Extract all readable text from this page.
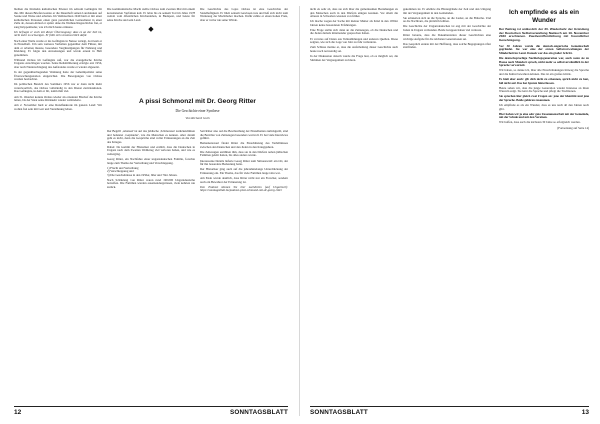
bleiben die fünfzehn katholischen Priester im seltsam Gefängnis für ihn. Mit diesen Briefen konnte er die Dauerhaft seinen Landsleuten auf Sonne und Weise und erhalten. Im Weihnachten 1949 hielt er mit einer katholischen Personen einen ganz persönlichen Gottesdienst in einer Zelle ab, dessen Ablauf er später ohne die Weihnachtsgeschichte frei, er sang Krippenlieder, wie ich mich heute erinnere.

Ich befragte er euch mit dieser Überzeugung: dass es an der Zeit ist, nicht mehr zu schweigen. Er fühlt sich verantwortlich dafür.

Nach einer Weile wurde er ins Gefängnis in Neisse verlegt, dort kam er in Einzelhaft. Um sein weiteres Verhalten gegenüber dem Führer, mit dem er arbeiten musste, besondere Vergünstigungen für Nahrung und Kleidung. Er folgte den Anweisungen und wurde erneut in Haft genommen.

Während Ordass im Gefängnis saß, war die evangelische Kirche Ungarns zerschlagen worden. Seine Rehabilitierung erfolgte erst 1956, aber nach Niederschlagung des Aufstandes wurde er wieder abgesetzt.

In der gegenüberliegenden Wohnung hatte der Geheimpolizist seine Überwachungsstation eingerichtet. Die Bewegungen von Ordass wurden beobachtet.

Im politischen Bereich des Sommers 1956 war er dann nicht mehr verantwortlich, das Ordass vollständig in den Dienst zurückzuholen. Das Gefängnis, in dem er litt, nahm ihm viel.

Am 31. Oktober konnte Ordass wieder als ernannter Bischof die Kirche leiten, bis der Staat seine Rückkehr wieder verhinderte.

Am 2. November hielt er eine Rundfunkrede im ganzen Land: Wir wollen frei sein mit Gott und Versöhnung leben.

Die kommunistische Macht stellte Ordass zum zweiten Mal mit einem konstruierten Verfahren kalt. Er lebte bis zu seinem Tod im Jahre 1978 weitab vom öffentlichen Kirchenleben, in Budapest, und betete für seine Kirche und sein Land.

◆

Die Geschichte des Lajos Ordass ist eine Geschichte der Standhaftigkeit. Er blieb seinem Gewissen treu und ließ sich nicht zum Werkzeug der Machthaber machen. Dafür zahlte er einen hohen Preis, aber er verlor nie seine Würde.

A pissi Schmonzl mit Dr. Georg Ritter
Die Geschichte einer Synthese
Von Richard Guth

Der Begriff ‚amansol' ist auf das jiddische ‚Schmonzes' zurückzuführen und bedeutet ‚Geplauder', wie die Menschen es kennen. Aber darum geht es nicht, denn die Gespräche sind voller Erinnerungen an die Zeit des Krieges.

Dabei: Da kommt der Historiker und erzählt, dass die Deutschen in Ungarn nach dem Zweiten Weltkrieg viel verloren haben, und wie es weiterging.

Georg Ritter, ein Nachfahre einer ungarndeutschen Familie, forschte lange zum Thema der Vertreibung und Verschleppung.

1) Flucht und Vertreibung
2) Verschleppung und
3) Die Geschehnisse in den 1950er, 60er und 70er Jahren.

Nach Schätzung von Ritter waren rund 190.000 Ungarndeutsche betroffen. Die Familien wurden auseinandergerissen, viele kehrten nie zurück.

Seit Ritter also auf die Beschreibung der Einzelheiten zurückgreift, sind die Berichte von Zeitzeugen besonders wertvoll. Er hat viele Interviews geführt.

Bemerkenswert findet Ritter die Einschätzung des Verhältnisses zwischen den Deutschen und den Juden in den Kriegsjahren.

Die Zeitzeugen erzählten ihm, dass sie in den Dörfern neben jüdischen Familien gelebt hatten, bis alles anders wurde.

Interessante Details lieferte Georg Ritter zum Simonswald: ein Ort, der für ihn besondere Bedeutung hatte.

Der Historiker ging auch auf die jahrzehntelange Unterdrückung der Erinnerung ein. Ein Thema, das für viele Familien lange tabu war.

Am Ende wurde deutlich, dass Ritter nicht nur ein Forscher, sondern auch ein Bewahrer der Erinnerung ist.

Den Podcast können Sie hier nachhören (auf Ungarisch): https://sonntagsblatt.hu/podcast-pissi-schmonzl-mit-dr-georg-ritter

12	SONNTAGSBLATT

nicht zu sehr ab, dass sie sich über die gemeinsamen Beziehungen zu den Menschen auch in den Dörfern einigen konnten. Vor allem die Älteren in Schwaben wussten von früher.

Ich mache wegen der Sache mit meiner Mutter als Kind in den 1950er Jahren keine besonderen Erfahrungen.

Eine Frage stellte sich dann an die Zeitzeugen, ob die Deutschen und die Juden damals miteinander gesprochen haben.

Er verwies auf Daten aus Volkszählungen und anderen Quellen. Diese zeigten, wie sich die Lage von Jahr zu Jahr veränderte.

Zum Schluss meinte er, dass die Aufarbeitung dieser Geschichte auch heute noch notwendig sei.

In der Diskussion danach wurde die Frage laut, ob es möglich sei, die Stimmen der Vergangenheit zu hören.

gekommen ist. Er erklärte die Hintergründe der Zeit und den Umgang mit der Vergangenheit in den Gemeinden.

Sie erinnerten sich an die Sprache, an die Lieder, an die Bräuche. Und an die Nachbarn, die plötzlich fehlten.

Die Geschichte der Ungarndeutschen ist eng mit der Geschichte der Juden in Ungarn verbunden. Beide Gruppen haben viel verloren.

Ritter betonte, dass die Dokumentation dieser Geschichten eine wichtige Aufgabe für die nächsten Generationen sei.

Das Gespräch endete mit der Hoffnung, dass solche Begegnungen öfter stattfinden.

Ich empfinde es als ein Wunder
Der Beitrag ist anlässlich der 30. Wiederkehr der Gründung der Deutschen Selbstverwaltung Nadasch am 19. November 2023 erschienen. Zweitveröffentlichung mit freundlicher Genehmigung.

Vor 30 Jahren wurde die deutsch-ungarische Gemeinschaft gegründet. Sie war eine der ersten Selbstverwaltungen der Minderheit im Land. Damals war das ein großer Schritt.

Die deutschsprachige Nachkriegsgeneration war, auch wenn sie zu Hause noch Mundart sprach, nicht mehr so selbstverständlich in der Sprache verwurzelt.

Wir haben, so denke ich, über alle Einschränkungen hinweg die Sprache und die Kultur bewahren können. Das ist ein großes Glück.

Es hieß aber auch: gib dich nicht zu erkennen, sprich nicht zu laut, fall nicht auf. Das hat Spuren hinterlassen.

Heute sehen wir, dass die junge Generation wieder Interesse an ihren Wurzeln zeigt. Sie lernt die Sprache und pflegt die Traditionen.

Sie sprechen hier gleich zwei Fragen an: jene der Identität und jene der Sprache. Beide gehören zusammen.

Ich empfinde es als ein Wunder, dass es uns nach all den Jahren noch gibt.

Hier haben wir ja eine sehr gute Zusammenarbeit mit der Gemeinde, mit der Schule und mit den Vereinen.

Wir hoffen, dass auch die nächsten 30 Jahre so erfolgreich werden.

(Fortsetzung auf Seite 14)

SONNTAGSBLATT	13
